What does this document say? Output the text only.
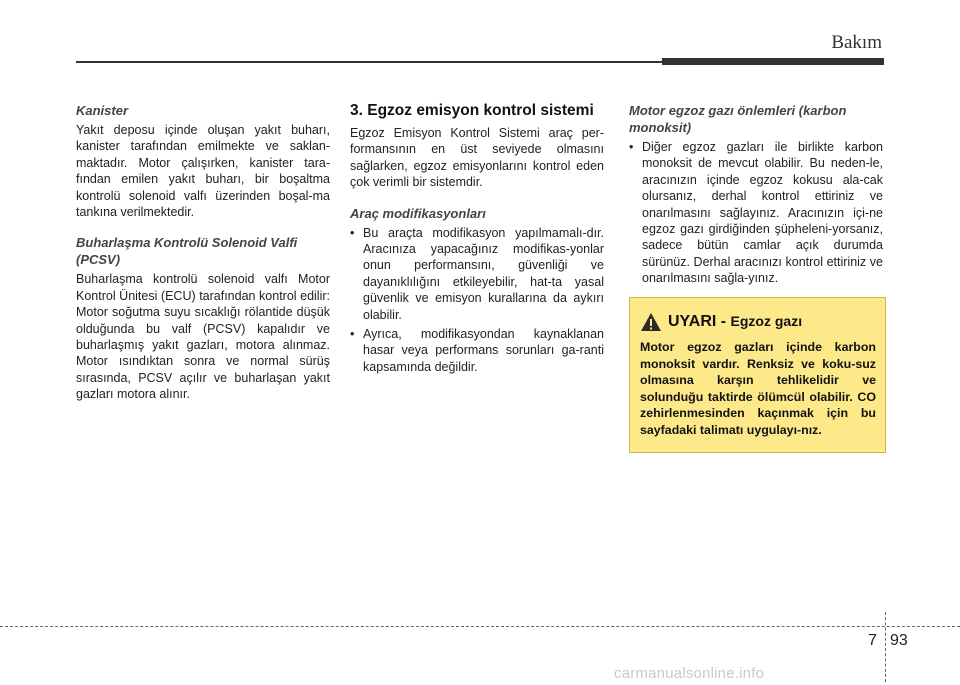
Bakım
Kanister

Yakıt deposu içinde oluşan yakıt buharı, kanister tarafından emilmekte ve saklan-maktadır. Motor çalışırken, kanister tara-fından emilen yakıt buharı, bir boşaltma kontrolü solenoid valfı üzerinden boşal-ma tankına verilmektedir.

Buharlaşma Kontrolü Solenoid Valfi (PCSV)

Buharlaşma kontrolü solenoid valfı Motor Kontrol Ünitesi (ECU) tarafından kontrol edilir: Motor soğutma suyu sıcaklığı rölantide düşük olduğunda bu valf (PCSV) kapalıdır ve buharlaşmış yakıt gazları, motora alınmaz. Motor ısındıktan sonra ve normal sürüş sırasında, PCSV açılır ve buharlaşan yakıt gazları motora alınır.

3. Egzoz emisyon kontrol sistemi

Egzoz Emisyon Kontrol Sistemi araç per-formansının en üst seviyede olmasını sağlarken, egzoz emisyonlarını kontrol eden çok verimli bir sistemdir.

Araç modifikasyonları
• Bu araçta modifikasyon yapılmamalı-dır. Aracınıza yapacağınız modifikas-yonlar onun performansını, güvenliği ve dayanıklılığını etkileyebilir, hat-ta yasal güvenlik ve emisyon kurallarına da aykırı olabilir.
• Ayrıca, modifikasyondan kaynaklanan hasar veya performans sorunları ga-ranti kapsamında değildir.
Motor egzoz gazı önlemleri (karbon monoksit)
• Diğer egzoz gazları ile birlikte karbon monoksit de mevcut olabilir. Bu neden-le, aracınızın içinde egzoz kokusu ala-cak olursanız, derhal kontrol ettiriniz ve onarılmasını sağlayınız. Aracınızın içi-ne egzoz gazı girdiğinden şüpheleni-yorsanız, sadece bütün camlar açık durumda sürünüz. Derhal aracınızı kontrol ettiriniz ve onarılmasını sağla-yınız.
UYARI - Egzoz gazı
Motor egzoz gazları içinde karbon monoksit vardır. Renksiz ve koku-suz olmasına karşın tehlikelidir ve solunduğu taktirde ölümcül olabilir. CO zehirlenmesinden kaçınmak için bu sayfadaki talimatı uygulayı-nız.
7 93
carmanualsonline.info
